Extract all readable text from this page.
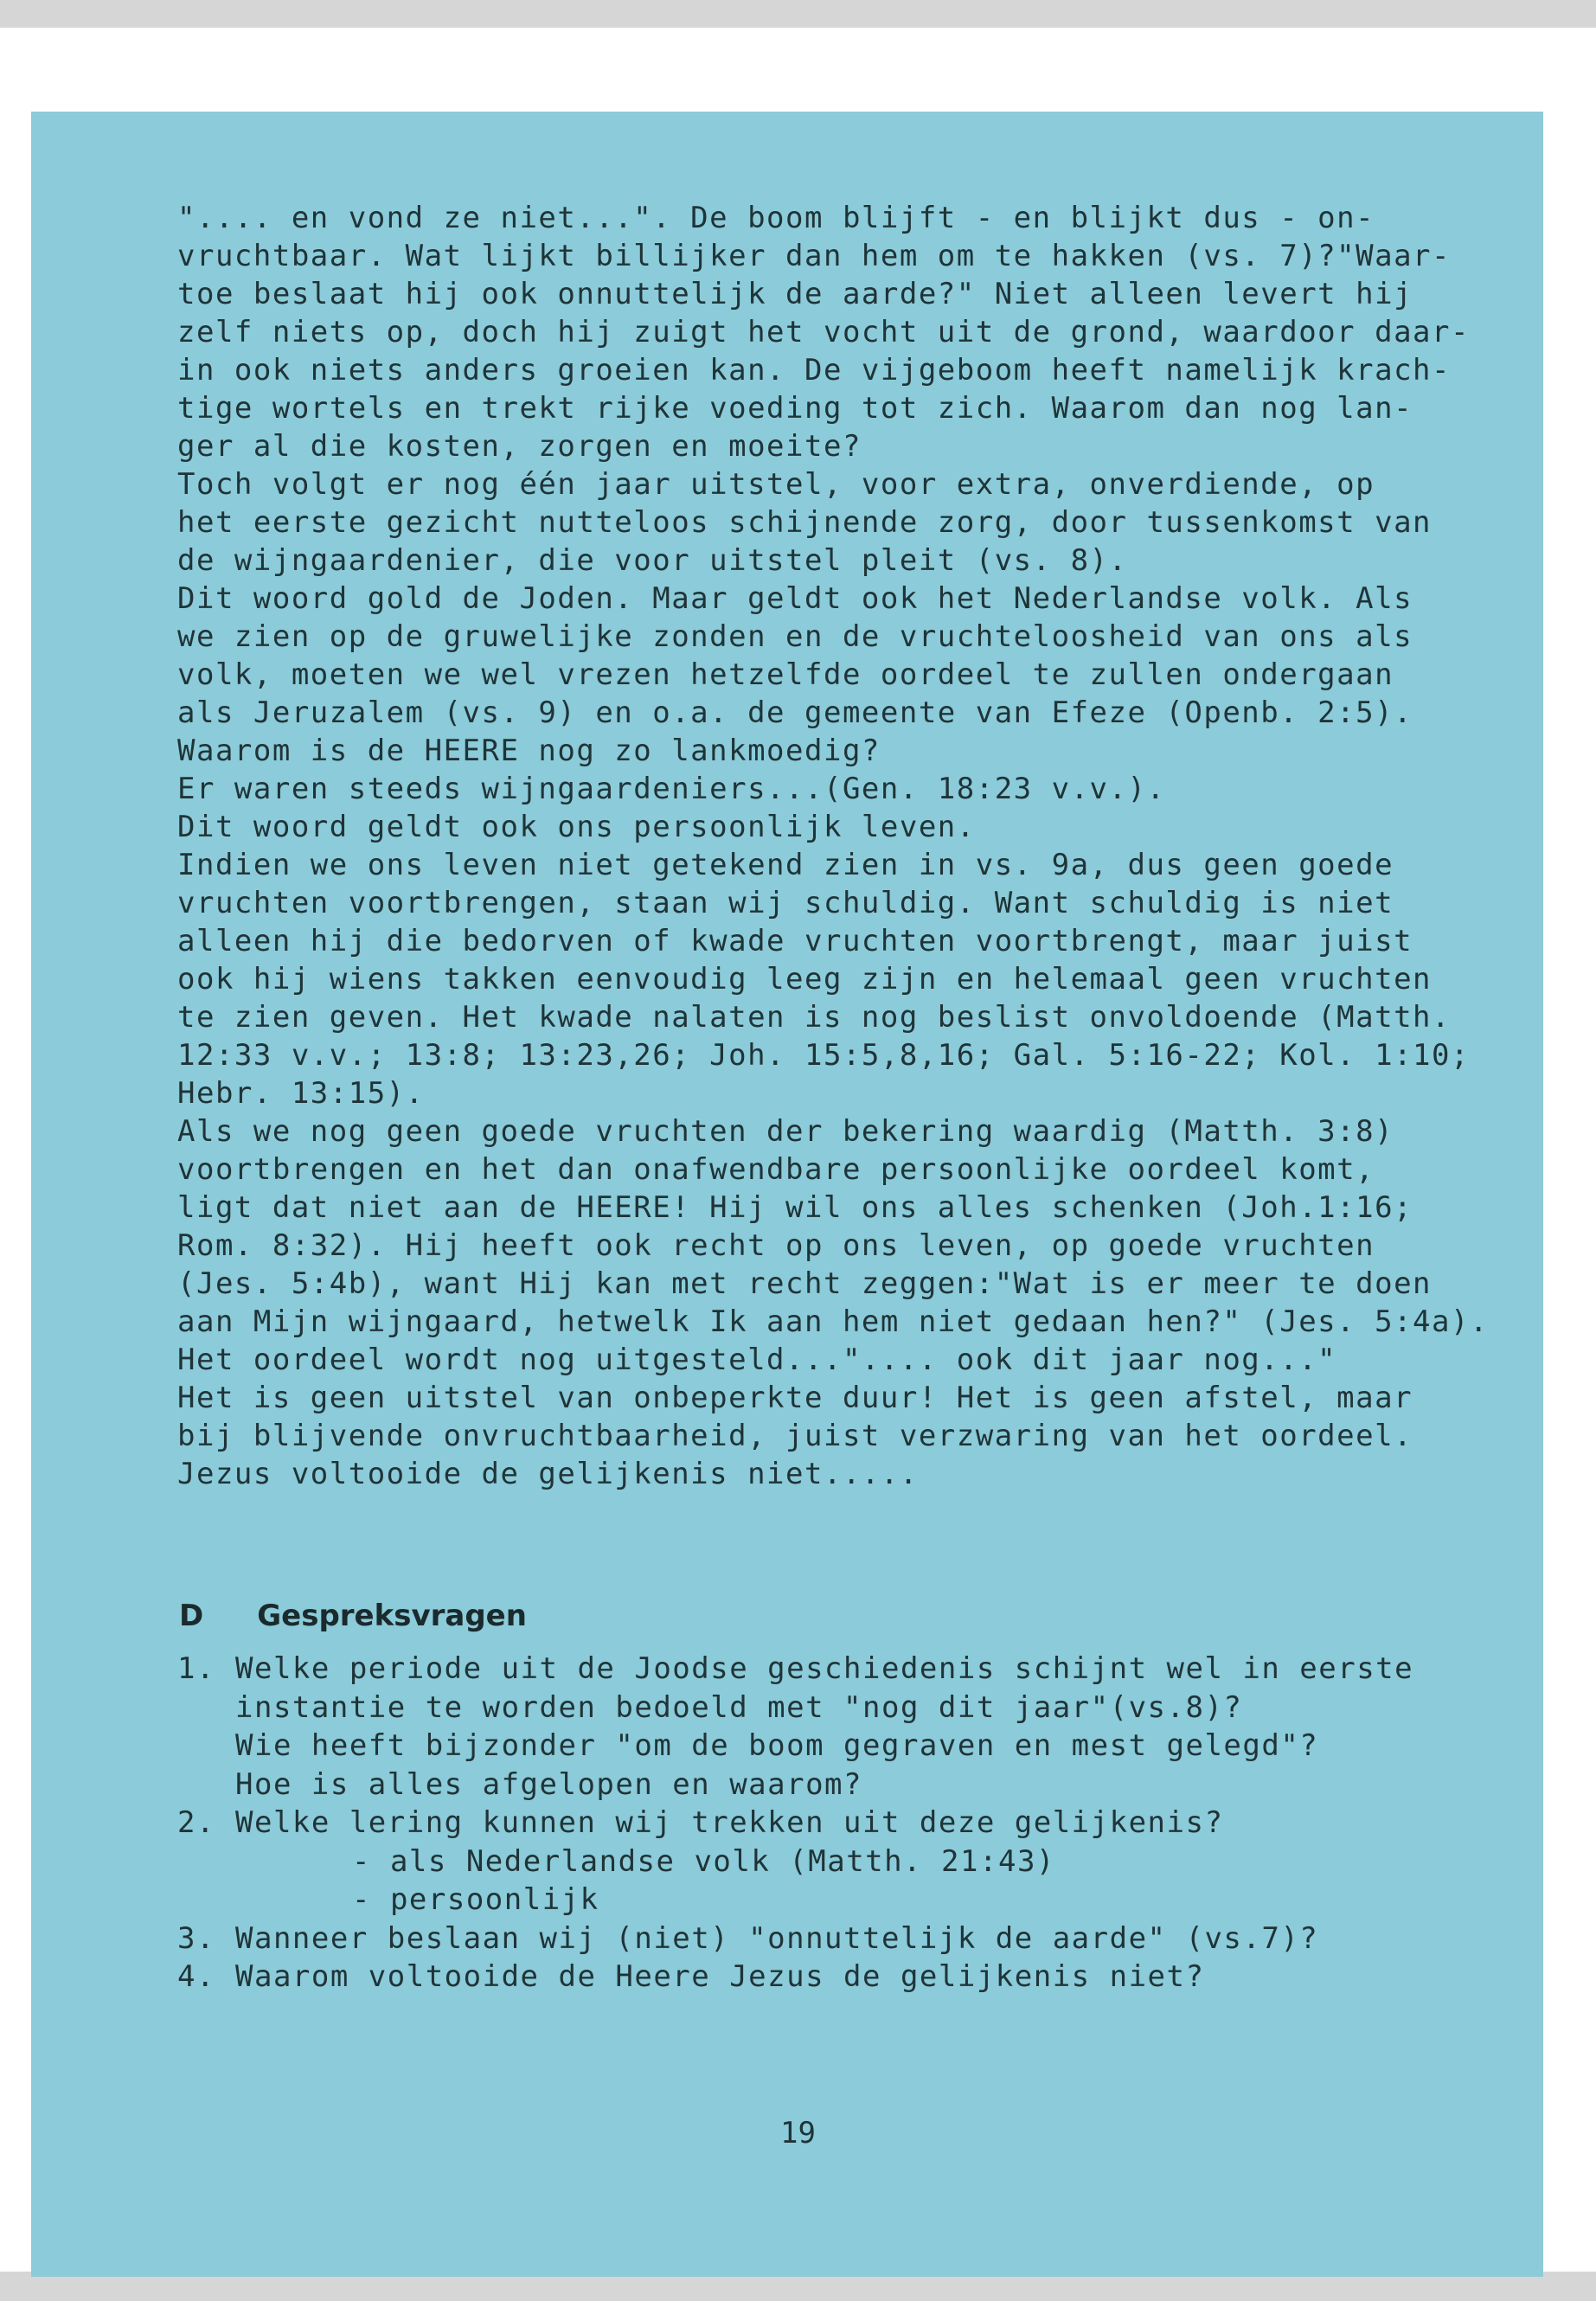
".... en vond ze niet...". De boom blijft - en blijkt dus - on-
vruchtbaar. Wat lijkt billijker dan hem om te hakken (vs. 7)?"Waar-
toe beslaat hij ook onnuttelijk de aarde?" Niet alleen levert hij
zelf niets op, doch hij zuigt het vocht uit de grond, waardoor daar-
in ook niets anders groeien kan. De vijgeboom heeft namelijk krach-
tige wortels en trekt rijke voeding tot zich. Waarom dan nog lan-
ger al die kosten, zorgen en moeite?
Toch volgt er nog één jaar uitstel, voor extra, onverdiende, op
het eerste gezicht nutteloos schijnende zorg, door tussenkomst van
de wijngaardenier, die voor uitstel pleit (vs. 8).
Dit woord gold de Joden. Maar geldt ook het Nederlandse volk. Als
we zien op de gruwelijke zonden en de vruchteloosheid van ons als
volk, moeten we wel vrezen hetzelfde oordeel te zullen ondergaan
als Jeruzalem (vs. 9) en o.a. de gemeente van Efeze (Openb. 2:5).
Waarom is de HEERE nog zo lankmoedig?
Er waren steeds wijngaardeniers...(Gen. 18:23 v.v.).
Dit woord geldt ook ons persoonlijk leven.
Indien we ons leven niet getekend zien in vs. 9a, dus geen goede
vruchten voortbrengen, staan wij schuldig. Want schuldig is niet
alleen hij die bedorven of kwade vruchten voortbrengt, maar juist
ook hij wiens takken eenvoudig leeg zijn en helemaal geen vruchten
te zien geven. Het kwade nalaten is nog beslist onvoldoende (Matth.
12:33 v.v.; 13:8; 13:23,26; Joh. 15:5,8,16; Gal. 5:16-22; Kol. 1:10;
Hebr. 13:15).
Als we nog geen goede vruchten der bekering waardig (Matth. 3:8)
voortbrengen en het dan onafwendbare persoonlijke oordeel komt,
ligt dat niet aan de HEERE! Hij wil ons alles schenken (Joh.1:16;
Rom. 8:32). Hij heeft ook recht op ons leven, op goede vruchten
(Jes. 5:4b), want Hij kan met recht zeggen:"Wat is er meer te doen
aan Mijn wijngaard, hetwelk Ik aan hem niet gedaan hen?" (Jes. 5:4a).
Het oordeel wordt nog uitgesteld...".... ook dit jaar nog..."
Het is geen uitstel van onbeperkte duur! Het is geen afstel, maar
bij blijvende onvruchtbaarheid, juist verzwaring van het oordeel.
Jezus voltooide de gelijkenis niet.....
D Gespreksvragen
1. Welke periode uit de Joodse geschiedenis schijnt wel in eerste
instantie te worden bedoeld met "nog dit jaar"(vs.8)?
Wie heeft bijzonder "om de boom gegraven en mest gelegd"?
Hoe is alles afgelopen en waarom?
2. Welke lering kunnen wij trekken uit deze gelijkenis?
- als Nederlandse volk (Matth. 21:43)
- persoonlijk
3. Wanneer beslaan wij (niet) "onnuttelijk de aarde" (vs.7)?
4. Waarom voltooide de Heere Jezus de gelijkenis niet?
19
